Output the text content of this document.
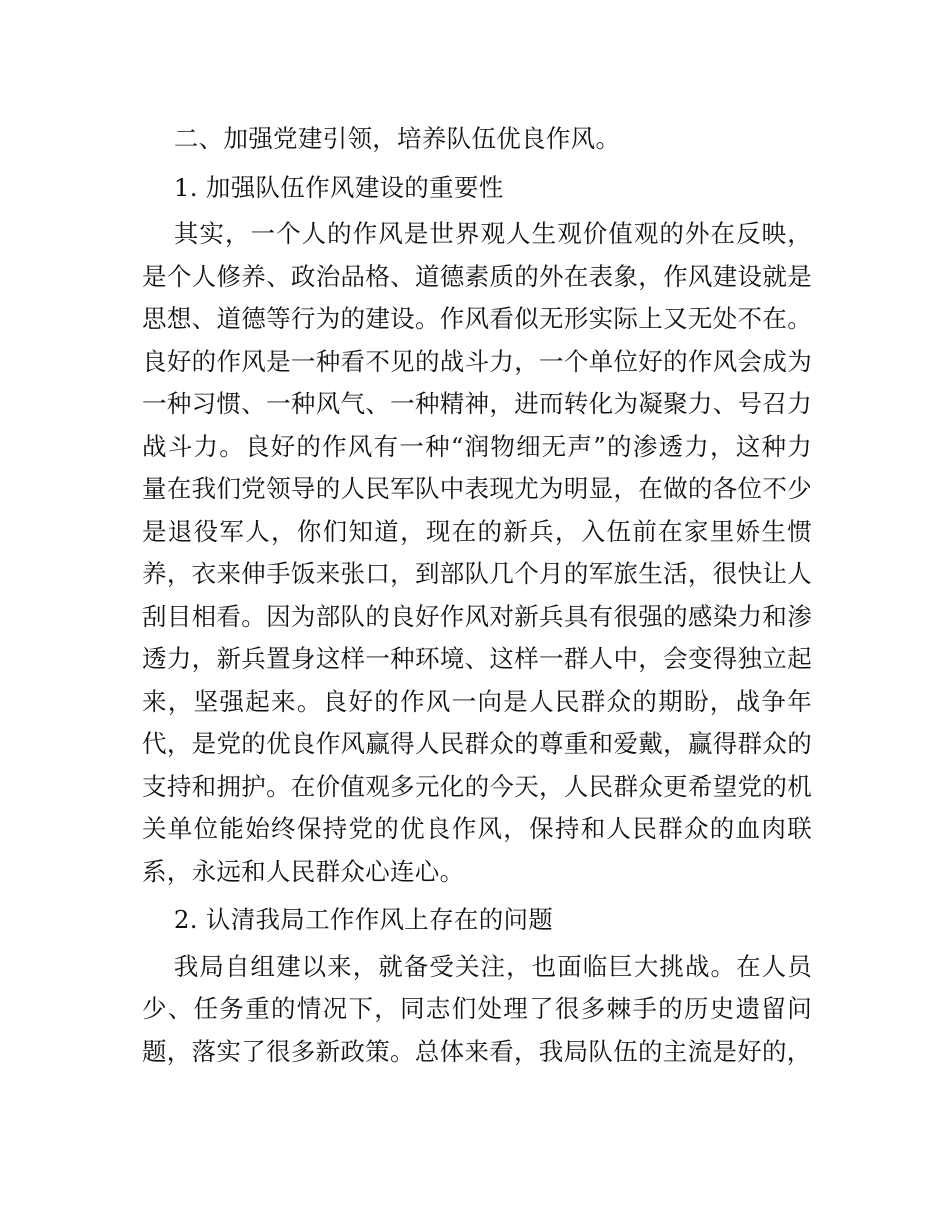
二、加强党建引领，培养队伍优良作风。

1. 加强队伍作风建设的重要性

其实，一个人的作风是世界观人生观价值观的外在反映，是个人修养、政治品格、道德素质的外在表象，作风建设就是思想、道德等行为的建设。作风看似无形实际上又无处不在。良好的作风是一种看不见的战斗力，一个单位好的作风会成为一种习惯、一种风气、一种精神，进而转化为凝聚力、号召力战斗力。良好的作风有一种“润物细无声”的渗透力，这种力量在我们党领导的人民军队中表现尤为明显，在做的各位不少是退役军人，你们知道，现在的新兵，入伍前在家里娇生惯养，衣来伸手饭来张口，到部队几个月的军旅生活，很快让人刮目相看。因为部队的良好作风对新兵具有很强的感染力和渗透力，新兵置身这样一种环境、这样一群人中，会变得独立起来，坚强起来。良好的作风一向是人民群众的期盼，战争年代，是党的优良作风赢得人民群众的尊重和爱戴，赢得群众的支持和拥护。在价值观多元化的今天，人民群众更希望党的机关单位能始终保持党的优良作风，保持和人民群众的血肉联系，永远和人民群众心连心。

2. 认清我局工作作风上存在的问题

我局自组建以来，就备受关注，也面临巨大挑战。在人员少、任务重的情况下，同志们处理了很多棘手的历史遗留问题，落实了很多新政策。总体来看，我局队伍的主流是好的，
